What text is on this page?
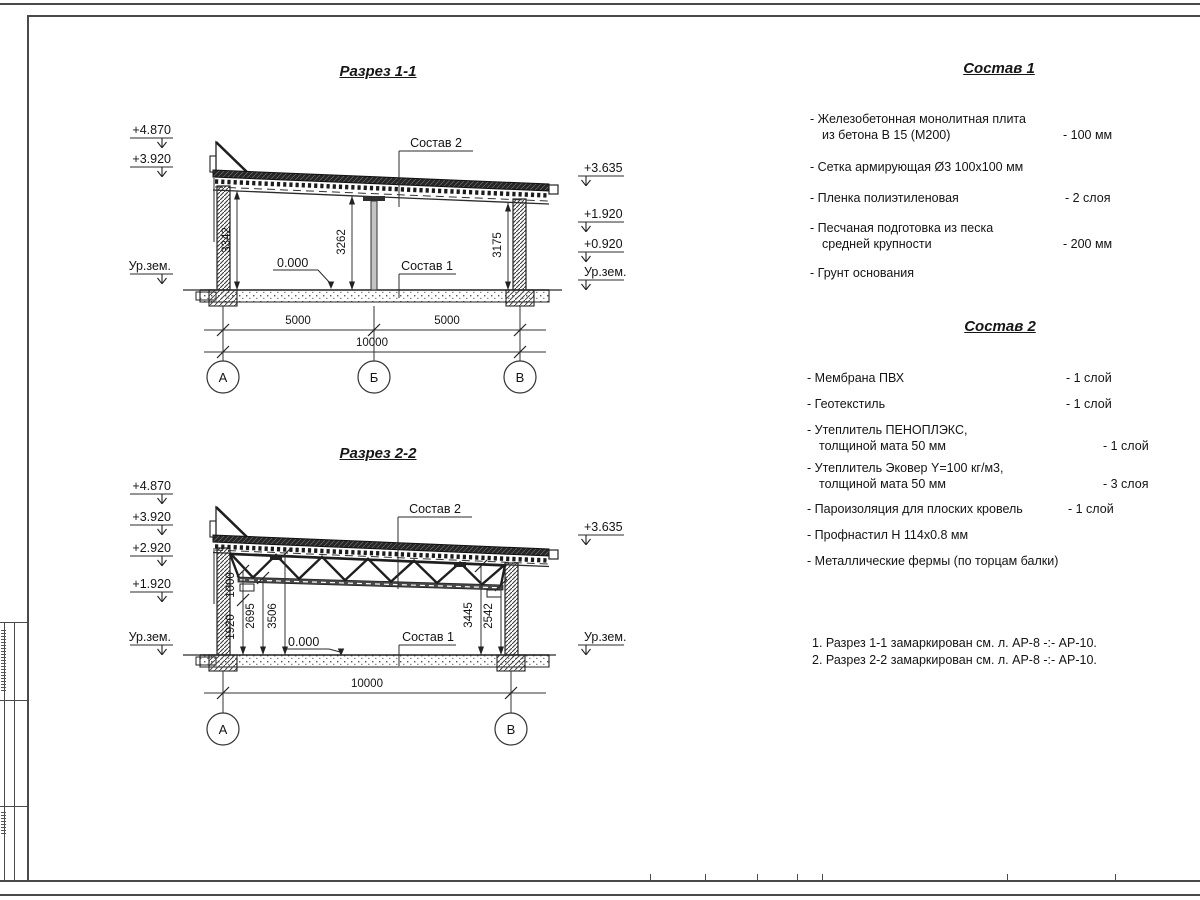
Разрез 1-1
Разрез 2-2
+4.870
+3.920
Ур.зем.
+3.635
+1.920
+0.920
Ур.зем.
Состав 2
Состав 1
0.000
3342	3262	3175
5000	5000
10000
А	Б	В
+4.870
+3.920
+2.920
+1.920
Ур.зем.
+3.635
Ур.зем.
Состав 2
Состав 1
0.000
1000
1920 2695 3506	3445 2542
10000
А	В
Состав 1
- Железобетонная монолитная плита
из бетона В 15 (М200)	- 100 мм
- Сетка армирующая Ø3 100х100 мм
- Пленка полиэтиленовая	- 2 слоя
- Песчаная подготовка из песка
средней крупности	- 200 мм
- Грунт основания
Состав 2
- Мембрана ПВХ	- 1 слой
- Геотекстиль	- 1 слой
- Утеплитель ПЕНОПЛЭКС,
толщиной мата 50 мм	- 1 слой
- Утеплитель Эковер Y=100 кг/м3,
толщиной мата 50 мм	- 3 слоя
- Пароизоляция для плоских кровель	- 1 слой
- Профнастил Н 114х0.8 мм
- Металлические фермы (по торцам балки)
1. Разрез 1-1 замаркирован см. л. АР-8 -:- АР-10.
2. Разрез 2-2 замаркирован см. л. АР-8 -:- АР-10.
